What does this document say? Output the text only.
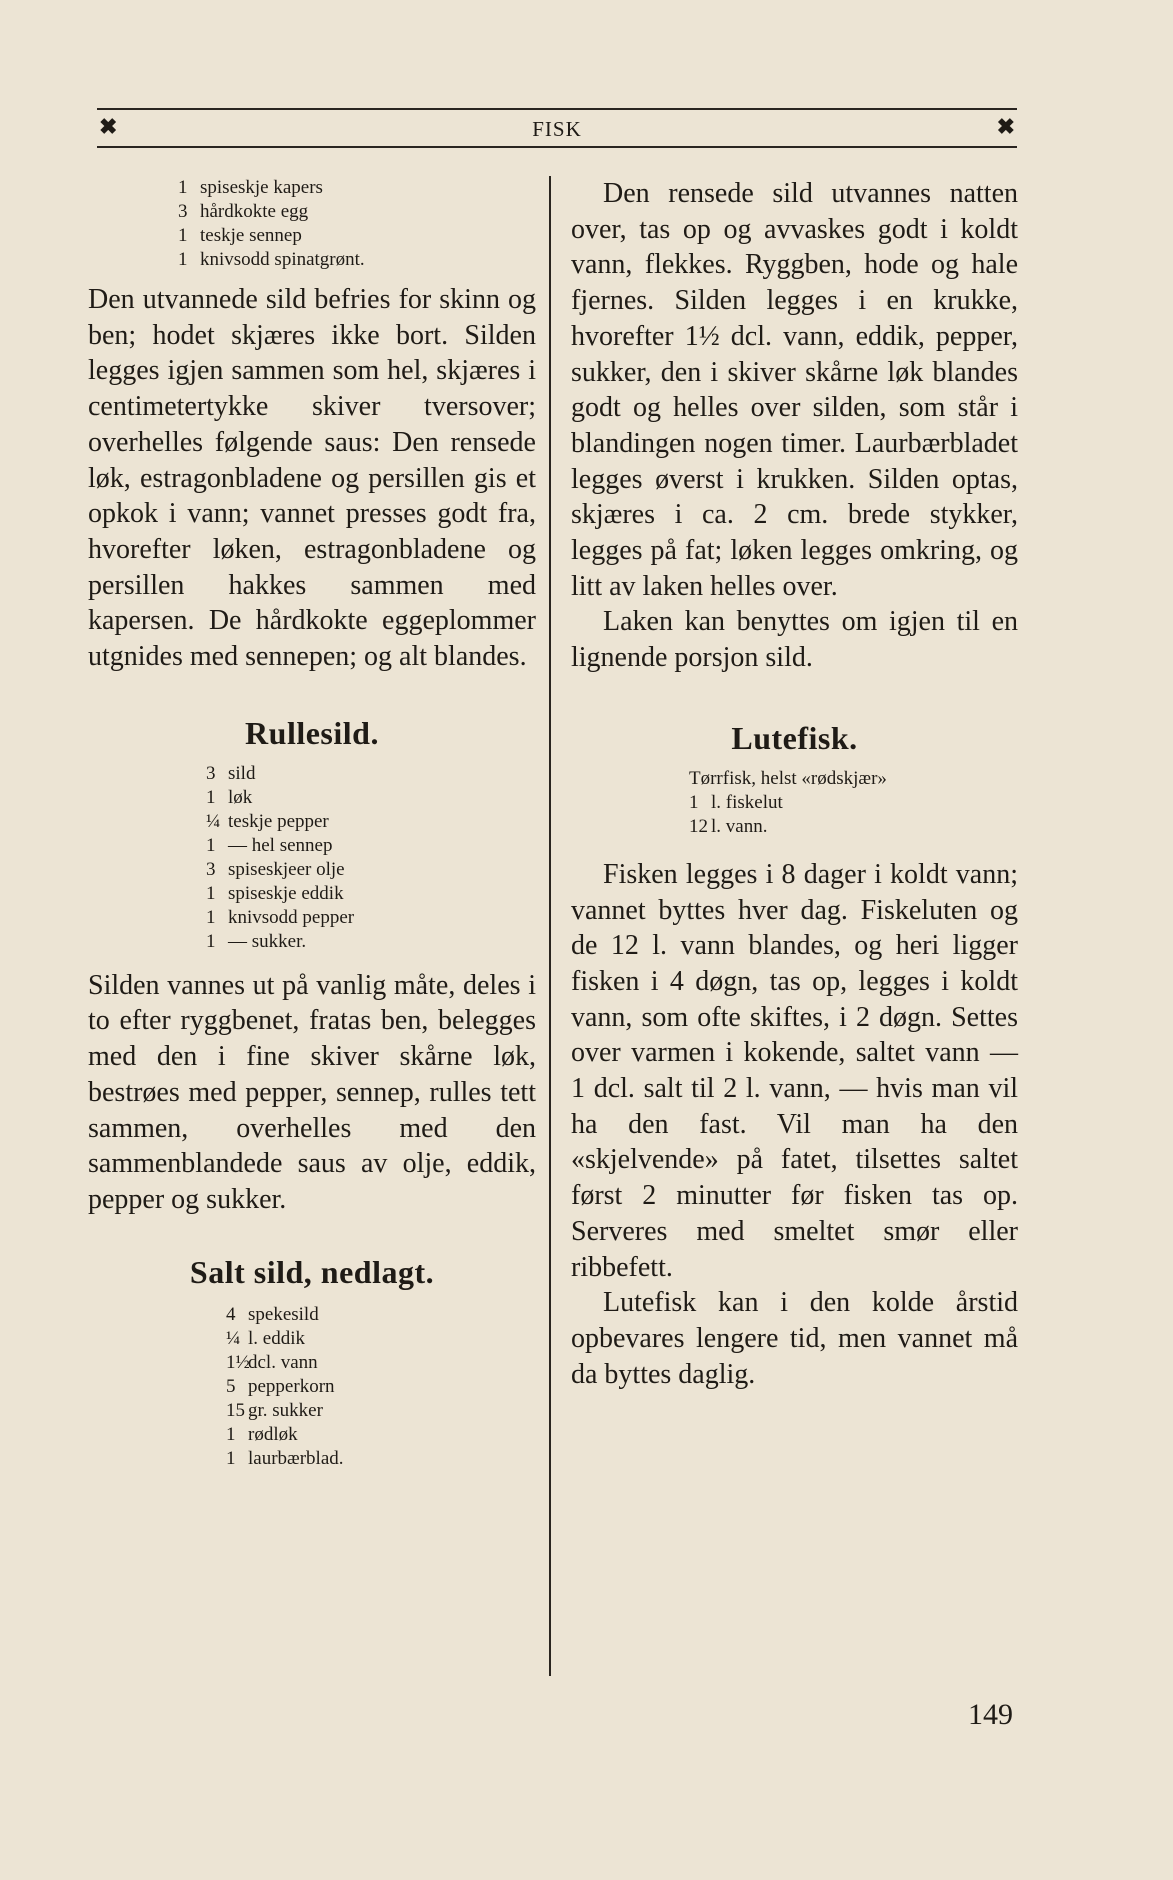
✖	FISK	✖
1 spiseskje kapers
3 hårdkokte egg
1 teskje sennep
1 knivsodd spinatgrønt.

Den utvannede sild befries for skinn og ben; hodet skjæres ikke bort. Silden legges igjen sammen som hel, skjæres i centimetertykke skiver tversover; overhelles følgende saus: Den rensede løk, estragonbladene og persillen gis et opkok i vann; vannet presses godt fra, hvorefter løken, estragonbladene og persillen hakkes sammen med kapersen. De hårdkokte eggeplommer utgnides med sennepen; og alt blandes.

Rullesild.
3 sild
1 løk
¼ teskje pepper
1 — hel sennep
3 spiseskjeer olje
1 spiseskje eddik
1 knivsodd pepper
1 — sukker.

Silden vannes ut på vanlig måte, deles i to efter ryggbenet, fratas ben, belegges med den i fine skiver skårne løk, bestrøes med pepper, sennep, rulles tett sammen, overhelles med den sammenblandede saus av olje, eddik, pepper og sukker.

Salt sild, nedlagt.
4 spekesild
¼ l. eddik
1½dcl. vann
5 pepperkorn
15 gr. sukker
1 rødløk
1 laurbærblad.

Den rensede sild utvannes natten over, tas op og avvaskes godt i koldt vann, flekkes. Ryggben, hode og hale fjernes. Silden legges i en krukke, hvorefter 1½ dcl. vann, eddik, pepper, sukker, den i skiver skårne løk blandes godt og helles over silden, som står i blandingen nogen timer. Laurbærbladet legges øverst i krukken. Silden optas, skjæres i ca. 2 cm. brede stykker, legges på fat; løken legges omkring, og litt av laken helles over.

Laken kan benyttes om igjen til en lignende porsjon sild.

Lutefisk.
Tørrfisk, helst «rødskjær»
1 l. fiskelut
12 l. vann.

Fisken legges i 8 dager i koldt vann; vannet byttes hver dag. Fiskeluten og de 12 l. vann blandes, og heri ligger fisken i 4 døgn, tas op, legges i koldt vann, som ofte skiftes, i 2 døgn. Settes over varmen i kokende, saltet vann — 1 dcl. salt til 2 l. vann, — hvis man vil ha den fast. Vil man ha den «skjelvende» på fatet, tilsettes saltet først 2 minutter før fisken tas op. Serveres med smeltet smør eller ribbefett.

Lutefisk kan i den kolde årstid opbevares lengere tid, men vannet må da byttes daglig.

149
